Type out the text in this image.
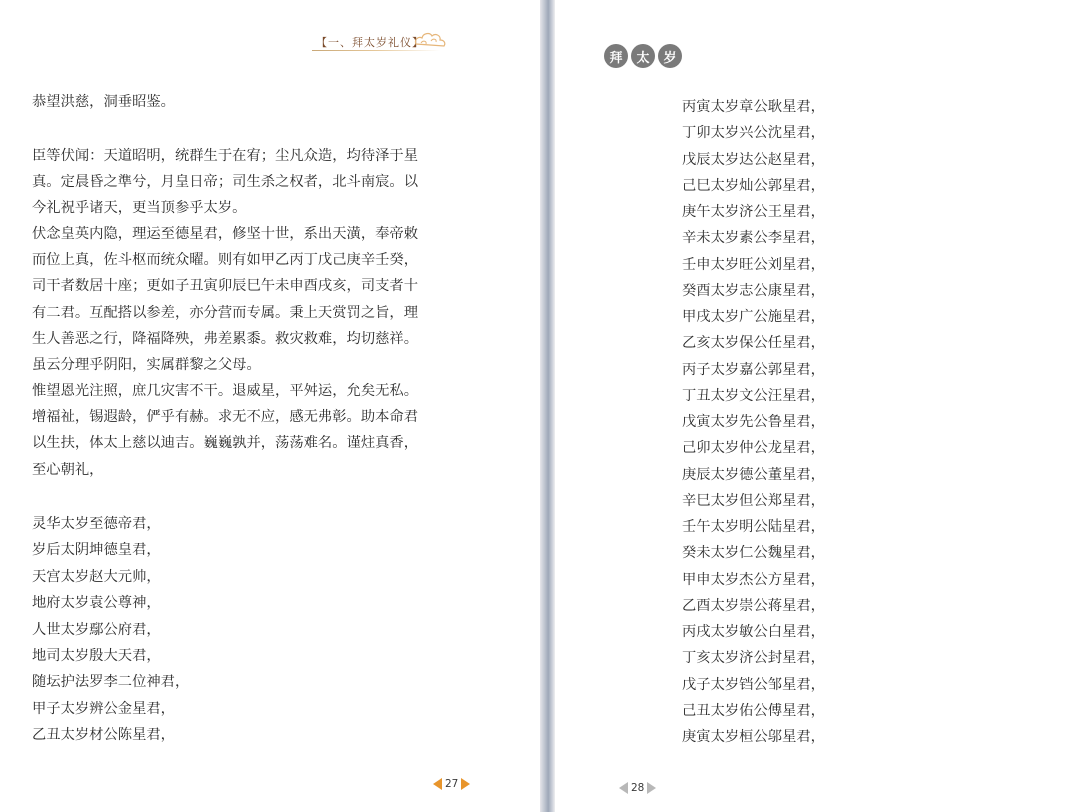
【一、拜太岁礼仪】
恭望洪慈，洞垂昭鉴。
臣等伏闻：天道昭明，统群生于在宥；尘凡众造，均待泽于星
真。定晨昏之準兮，月皇日帝；司生杀之权者，北斗南宸。以
今礼祝乎诸天，更当顶参乎太岁。
伏念皇英内隐，理运至德星君，修坚十世，系出天潢，奉帝敕
而位上真，佐斗枢而统众曜。则有如甲乙丙丁戊己庚辛壬癸，
司干者数居十座；更如子丑寅卯辰巳午未申酉戌亥，司支者十
有二君。互配搭以参差，亦分营而专属。秉上天赏罚之旨，理
生人善恶之行，降福降殃，弗差累黍。救灾救难，均切慈祥。
虽云分理乎阴阳，实属群黎之父母。
惟望恩光注照，庶几灾害不干。退威星，平舛运，允矣无私。
增福祉，锡遐龄，俨乎有赫。求无不应，感无弗彰。助本命君
以生扶，体太上慈以迪吉。巍巍孰并，荡荡难名。谨炷真香，
至心朝礼，
灵华太岁至德帝君，
岁后太阴坤德皇君，
天宫太岁赵大元帅，
地府太岁袁公尊神，
人世太岁鄢公府君，
地司太岁殷大天君，
随坛护法罗李二位神君，
甲子太岁辨公金星君，
乙丑太岁材公陈星君，
27
拜	太	岁
丙寅太岁章公耿星君，
丁卯太岁兴公沈星君，
戊辰太岁达公赵星君，
己巳太岁灿公郭星君，
庚午太岁济公王星君，
辛未太岁素公李星君，
壬申太岁旺公刘星君，
癸酉太岁志公康星君，
甲戌太岁广公施星君，
乙亥太岁保公任星君，
丙子太岁嘉公郭星君，
丁丑太岁文公汪星君，
戊寅太岁先公鲁星君，
己卯太岁仲公龙星君，
庚辰太岁德公董星君，
辛巳太岁但公郑星君，
壬午太岁明公陆星君，
癸未太岁仁公魏星君，
甲申太岁杰公方星君，
乙酉太岁崇公蒋星君，
丙戌太岁敏公白星君，
丁亥太岁济公封星君，
戊子太岁铛公邹星君，
己丑太岁佑公傅星君，
庚寅太岁桓公邬星君，
28
